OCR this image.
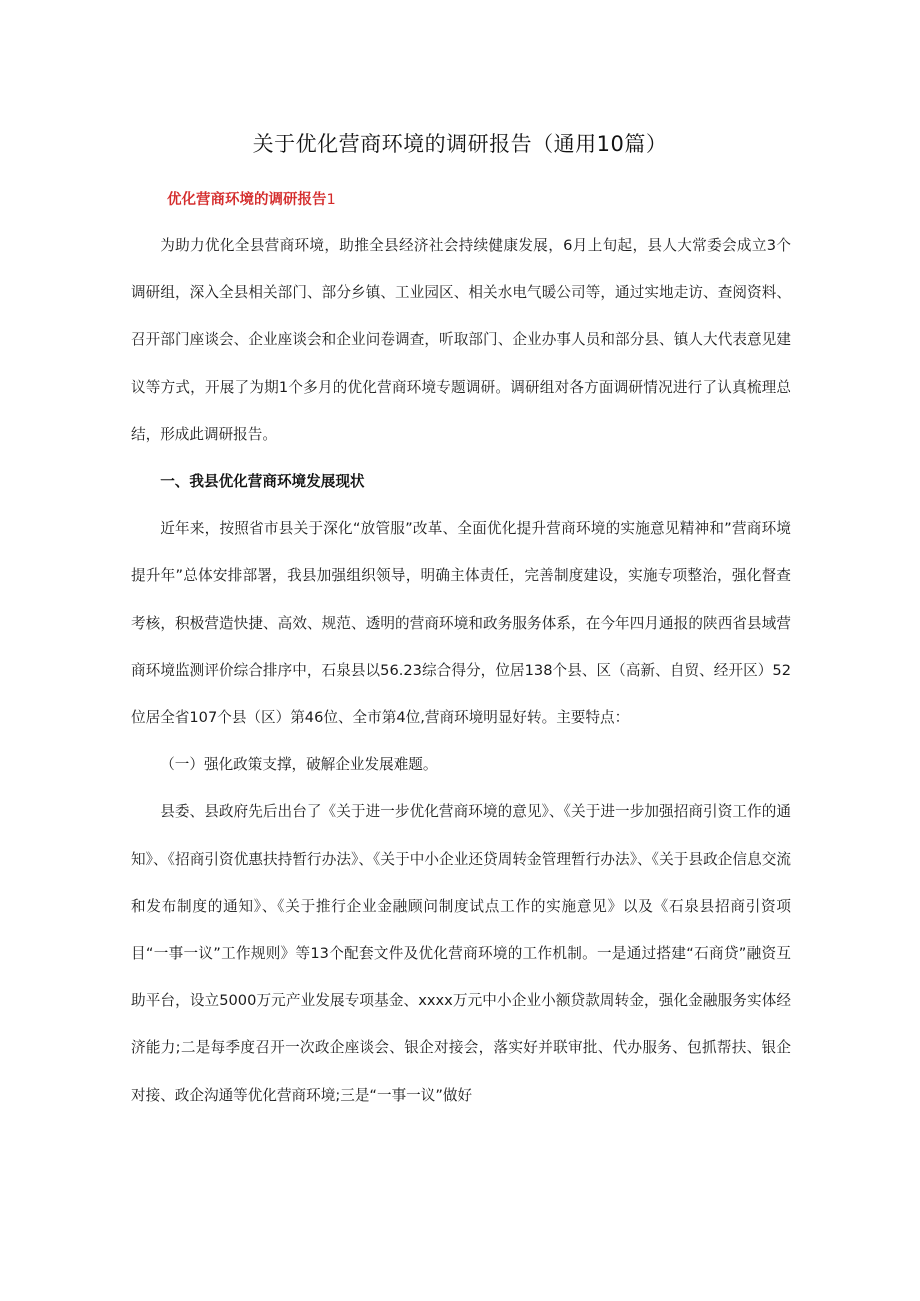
关于优化营商环境的调研报告（通用10篇）
优化营商环境的调研报告1

为助力优化全县营商环境，助推全县经济社会持续健康发展，6月上旬起，县人大常委会成立3个调研组，深入全县相关部门、部分乡镇、工业园区、相关水电气暖公司等，通过实地走访、查阅资料、召开部门座谈会、企业座谈会和企业问卷调查，听取部门、企业办事人员和部分县、镇人大代表意见建议等方式，开展了为期1个多月的优化营商环境专题调研。调研组对各方面调研情况进行了认真梳理总结，形成此调研报告。

一、我县优化营商环境发展现状

近年来，按照省市县关于深化“放管服”改革、全面优化提升营商环境的实施意见精神和”营商环境提升年”总体安排部署，我县加强组织领导，明确主体责任，完善制度建设，实施专项整治，强化督查考核，积极营造快捷、高效、规范、透明的营商环境和政务服务体系，在今年四月通报的陕西省县域营商环境监测评价综合排序中，石泉县以56.23综合得分，位居138个县、区（高新、自贸、经开区）52位居全省107个县（区）第46位、全市第4位,营商环境明显好转。主要特点：

（一）强化政策支撑，破解企业发展难题。

县委、县政府先后出台了《关于进一步优化营商环境的意见》、《关于进一步加强招商引资工作的通知》、《招商引资优惠扶持暂行办法》、《关于中小企业还贷周转金管理暂行办法》、《关于县政企信息交流和发布制度的通知》、《关于推行企业金融顾问制度试点工作的实施意见》以及《石泉县招商引资项目“一事一议”工作规则》等13个配套文件及优化营商环境的工作机制。一是通过搭建“石商贷”融资互助平台，设立5000万元产业发展专项基金、xxxx万元中小企业小额贷款周转金，强化金融服务实体经济能力;二是每季度召开一次政企座谈会、银企对接会，落实好并联审批、代办服务、包抓帮扶、银企对接、政企沟通等优化营商环境;三是“一事一议”做好
